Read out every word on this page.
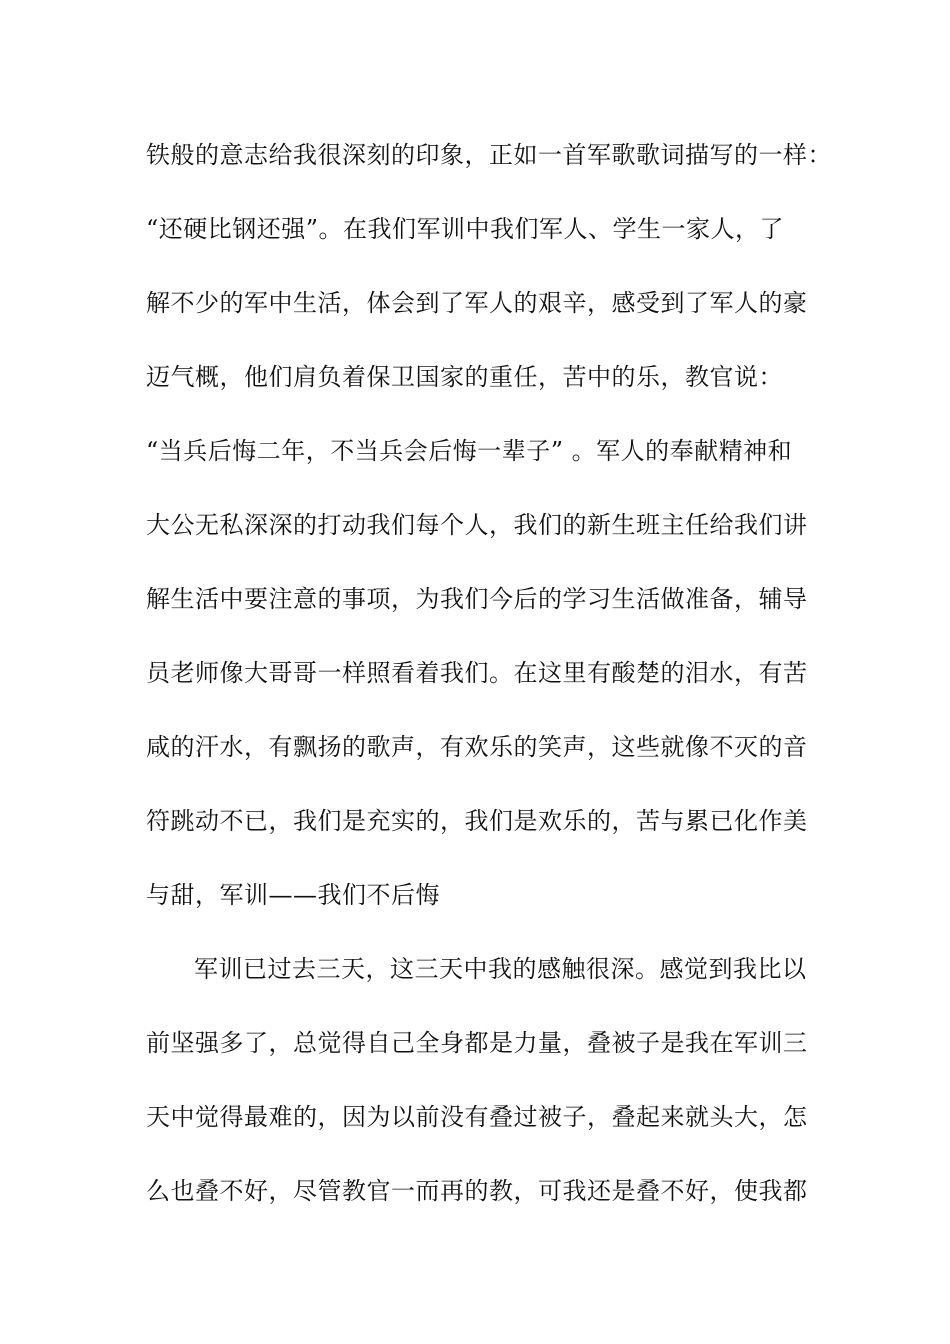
铁般的意志给我很深刻的印象，正如一首军歌歌词描写的一样：
“还硬比钢还强”。在我们军训中我们军人、学生一家人，了
解不少的军中生活，体会到了军人的艰辛，感受到了军人的豪
迈气概，他们肩负着保卫国家的重任，苦中的乐，教官说：
“当兵后悔二年，不当兵会后悔一辈子” 。军人的奉献精神和
大公无私深深的打动我们每个人，我们的新生班主任给我们讲
解生活中要注意的事项，为我们今后的学习生活做准备，辅导
员老师像大哥哥一样照看着我们。在这里有酸楚的泪水，有苦
咸的汗水，有飘扬的歌声，有欢乐的笑声，这些就像不灭的音
符跳动不已，我们是充实的，我们是欢乐的，苦与累已化作美
与甜，军训——我们不后悔
军训已过去三天，这三天中我的感触很深。感觉到我比以
前坚强多了，总觉得自己全身都是力量，叠被子是我在军训三
天中觉得最难的，因为以前没有叠过被子，叠起来就头大，怎
么也叠不好，尽管教官一而再的教，可我还是叠不好，使我都
